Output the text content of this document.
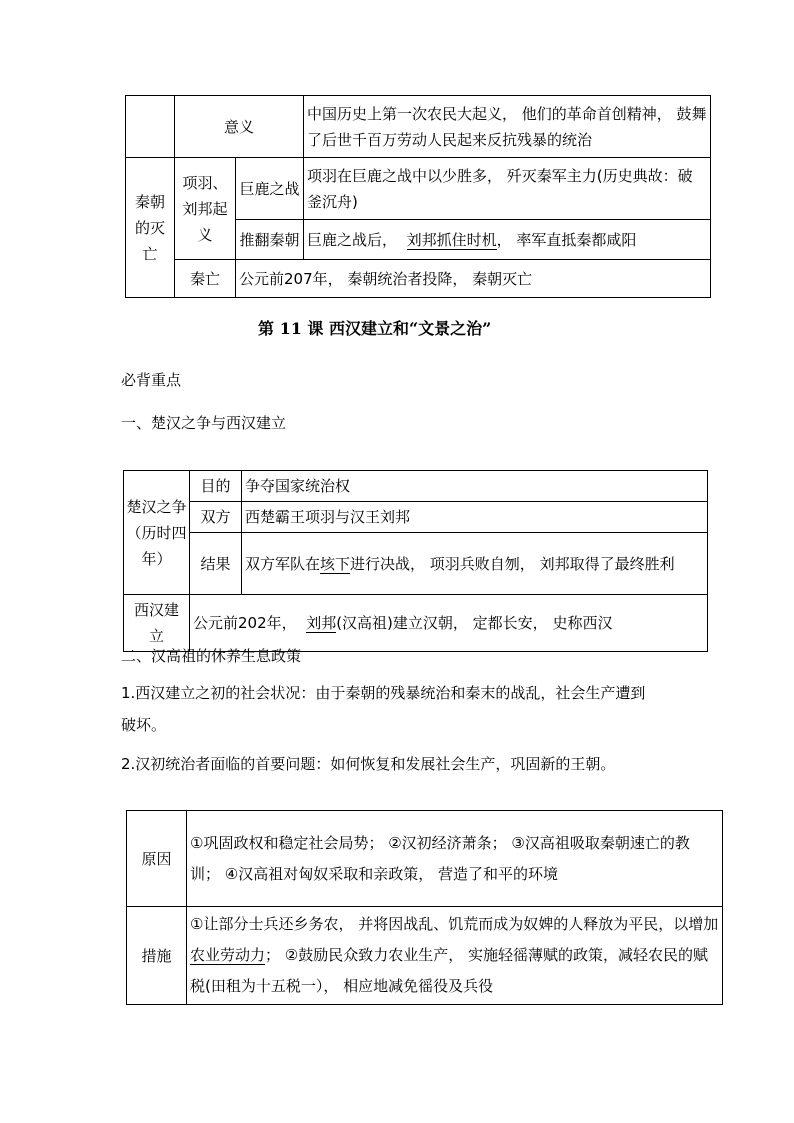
	意义		中国历史上第一次农民大起义， 他们的革命首创精神， 鼓舞了后世千百万劳动人民起来反抗残暴的统治
秦朝的灭亡	项羽、刘邦起义	巨鹿之战	项羽在巨鹿之战中以少胜多， 歼灭秦军主力(历史典故：破釜沉舟)
		推翻秦朝	巨鹿之战后， 刘邦抓住时机， 率军直抵秦都咸阳
	秦亡	公元前207年， 秦朝统治者投降， 秦朝灭亡	

第 11 课 西汉建立和“文景之治”

必背重点

一、楚汉之争与西汉建立

楚汉之争（历时四年）	目的	争夺国家统治权
	双方	西楚霸王项羽与汉王刘邦
	结果	双方军队在垓下进行决战， 项羽兵败自刎， 刘邦取得了最终胜利
西汉建立	公元前202年， 刘邦(汉高祖)建立汉朝， 定都长安， 史称西汉	

二、汉高祖的休养生息政策

1.西汉建立之初的社会状况：由于秦朝的残暴统治和秦末的战乱，社会生产遭到

破坏。

2.汉初统治者面临的首要问题：如何恢复和发展社会生产，巩固新的王朝。

原因	①巩固政权和稳定社会局势； ②汉初经济萧条； ③汉高祖吸取秦朝速亡的教训； ④汉高祖对匈奴采取和亲政策， 营造了和平的环境
措施	①让部分士兵还乡务农， 并将因战乱、饥荒而成为奴婢的人释放为平民，以增加农业劳动力； ②鼓励民众致力农业生产， 实施轻徭薄赋的政策，减轻农民的赋税(田租为十五税一）， 相应地减免徭役及兵役
